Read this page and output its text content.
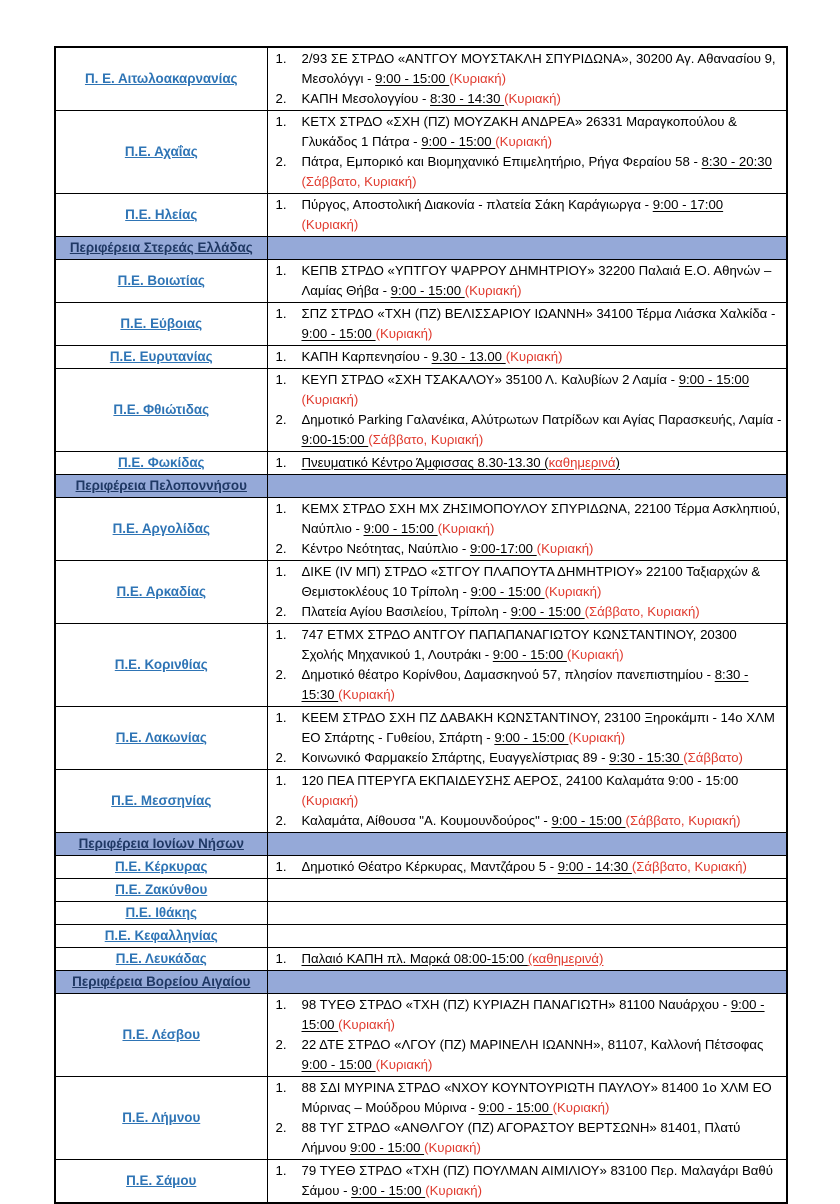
Π. Ε. Αιτωλοακαρνανίας	1. 2/93 ΣΕ ΣΤΡΔΟ «ΑΝΤΓΟΥ ΜΟΥΣΤΑΚΛΗ ΣΠΥΡΙΔΩΝΑ», 30200 Αγ. Αθανασίου 9, Μεσολόγγι - 9:00 - 15:00 (Κυριακή)
2. ΚΑΠΗ Μεσολογγίου - 8:30 - 14:30 (Κυριακή)

Π.Ε. Αχαΐας	1. ΚΕΤΧ ΣΤΡΔΟ «ΣΧΗ (ΠΖ) ΜΟΥΖΑΚΗ ΑΝΔΡΕΑ» 26331 Μαραγκοπούλου & Γλυκάδος 1 Πάτρα - 9:00 - 15:00 (Κυριακή)
2. Πάτρα, Εμπορικό και Βιομηχανικό Επιμελητήριο, Ρήγα Φεραίου 58 - 8:30 - 20:30 (Σάββατο, Κυριακή)

Π.Ε. Ηλείας	1. Πύργος, Αποστολική Διακονία - πλατεία Σάκη Καράγιωργα - 9:00 - 17:00 (Κυριακή)

Περιφέρεια Στερεάς Ελλάδας	
Π.Ε. Βοιωτίας	1. ΚΕΠΒ ΣΤΡΔΟ «ΥΠΤΓΟΥ ΨΑΡΡΟΥ ΔΗΜΗΤΡΙΟΥ» 32200 Παλαιά Ε.Ο. Αθηνών – Λαμίας Θήβα - 9:00 - 15:00 (Κυριακή)

Π.Ε. Εύβοιας	1. ΣΠΖ ΣΤΡΔΟ «ΤΧΗ (ΠΖ) ΒΕΛΙΣΣΑΡΙΟΥ ΙΩΑΝΝΗ» 34100 Τέρμα Λιάσκα Χαλκίδα - 9:00 - 15:00 (Κυριακή)

Π.Ε. Ευρυτανίας	1. ΚΑΠΗ Καρπενησίου - 9.30 - 13.00 (Κυριακή)

Π.Ε. Φθιώτιδας	1. ΚΕΥΠ ΣΤΡΔΟ «ΣΧΗ ΤΣΑΚΑΛΟΥ» 35100 Λ. Καλυβίων 2 Λαμία - 9:00 - 15:00 (Κυριακή)
2. Δημοτικό Parking Γαλανέικα, Αλύτρωτων Πατρίδων και Αγίας Παρασκευής, Λαμία - 9:00-15:00 (Σάββατο, Κυριακή)

Π.Ε. Φωκίδας	1. Πνευματικό Κέντρο Άμφισσας 8.30-13.30 (καθημερινά)

Περιφέρεια Πελοποννήσου	
Π.Ε. Αργολίδας	1. ΚΕΜΧ ΣΤΡΔΟ ΣΧΗ ΜΧ ΖΗΣΙΜΟΠΟΥΛΟΥ ΣΠΥΡΙΔΩΝΑ, 22100 Τέρμα Ασκληπιού, Ναύπλιο - 9:00 - 15:00 (Κυριακή)
2. Κέντρο Νεότητας, Ναύπλιο - 9:00-17:00 (Κυριακή)

Π.Ε. Αρκαδίας	1. ΔΙΚΕ (IV ΜΠ) ΣΤΡΔΟ «ΣΤΓΟΥ ΠΛΑΠΟΥΤΑ ΔΗΜΗΤΡΙΟΥ» 22100 Ταξιαρχών & Θεμιστοκλέους 10 Τρίπολη - 9:00 - 15:00 (Κυριακή)
2. Πλατεία Αγίου Βασιλείου, Τρίπολη - 9:00 - 15:00 (Σάββατο, Κυριακή)

Π.Ε. Κορινθίας	1. 747 ΕΤΜΧ ΣΤΡΔΟ ΑΝΤΓΟΥ ΠΑΠΑΠΑΝΑΓΙΩΤΟΥ ΚΩΝΣΤΑΝΤΙΝΟΥ, 20300 Σχολής Μηχανικού 1, Λουτράκι - 9:00 - 15:00 (Κυριακή)
2. Δημοτικό θέατρο Κορίνθου, Δαμασκηνού 57, πλησίον πανεπιστημίου - 8:30 - 15:30 (Κυριακή)

Π.Ε. Λακωνίας	1. ΚΕΕΜ ΣΤΡΔΟ ΣΧΗ ΠΖ ΔΑΒΑΚΗ ΚΩΝΣΤΑΝΤΙΝΟΥ, 23100 Ξηροκάμπι - 14ο ΧΛΜ ΕΟ Σπάρτης - Γυθείου, Σπάρτη - 9:00 - 15:00 (Κυριακή)
2. Κοινωνικό Φαρμακείο Σπάρτης, Ευαγγελίστριας 89 - 9:30 - 15:30 (Σάββατο)

Π.Ε. Μεσσηνίας	1. 120 ΠΕΑ ΠΤΕΡΥΓΑ ΕΚΠΑΙΔΕΥΣΗΣ ΑΕΡΟΣ, 24100 Καλαμάτα 9:00 - 15:00 (Κυριακή)
2. Καλαμάτα, Αίθουσα "Α. Κουμουνδούρος" - 9:00 - 15:00 (Σάββατο, Κυριακή)

Περιφέρεια Ιονίων Νήσων	
Π.Ε. Κέρκυρας	1. Δημοτικό Θέατρο Κέρκυρας, Μαντζάρου 5 - 9:00 - 14:30 (Σάββατο, Κυριακή)

Π.Ε. Ζακύνθου	
Π.Ε. Ιθάκης	
Π.Ε. Κεφαλληνίας	
Π.Ε. Λευκάδας	1. Παλαιό ΚΑΠΗ πλ. Μαρκά 08:00-15:00 (καθημερινά)

Περιφέρεια Βορείου Αιγαίου	
Π.Ε. Λέσβου	1. 98 ΤΥΕΘ ΣΤΡΔΟ «ΤΧΗ (ΠΖ) ΚΥΡΙΑΖΗ ΠΑΝΑΓΙΩΤΗ» 81100 Ναυάρχου - 9:00 - 15:00 (Κυριακή)
2. 22 ΔΤΕ ΣΤΡΔΟ «ΛΓΟΥ (ΠΖ) ΜΑΡΙΝΕΛΗ ΙΩΑΝΝΗ», 81107, Καλλονή Πέτσοφας 9:00 - 15:00 (Κυριακή)

Π.Ε. Λήμνου	1. 88 ΣΔΙ ΜΥΡΙΝΑ ΣΤΡΔΟ «ΝΧΟΥ ΚΟΥΝΤΟΥΡΙΩΤΗ ΠΑΥΛΟΥ» 81400 1ο ΧΛΜ ΕΟ Μύρινας – Μούδρου Μύρινα - 9:00 - 15:00 (Κυριακή)
2. 88 ΤΥΓ ΣΤΡΔΟ «ΑΝΘΛΓΟΥ (ΠΖ) ΑΓΟΡΑΣΤΟΥ ΒΕΡΤΣΩΝΗ» 81401, Πλατύ Λήμνου 9:00 - 15:00 (Κυριακή)

Π.Ε. Σάμου	1. 79 ΤΥΕΘ ΣΤΡΔΟ «ΤΧΗ (ΠΖ) ΠΟΥΛΜΑΝ ΑΙΜΙΛΙΟΥ» 83100 Περ. Μαλαγάρι Βαθύ Σάμου - 9:00 - 15:00 (Κυριακή)
